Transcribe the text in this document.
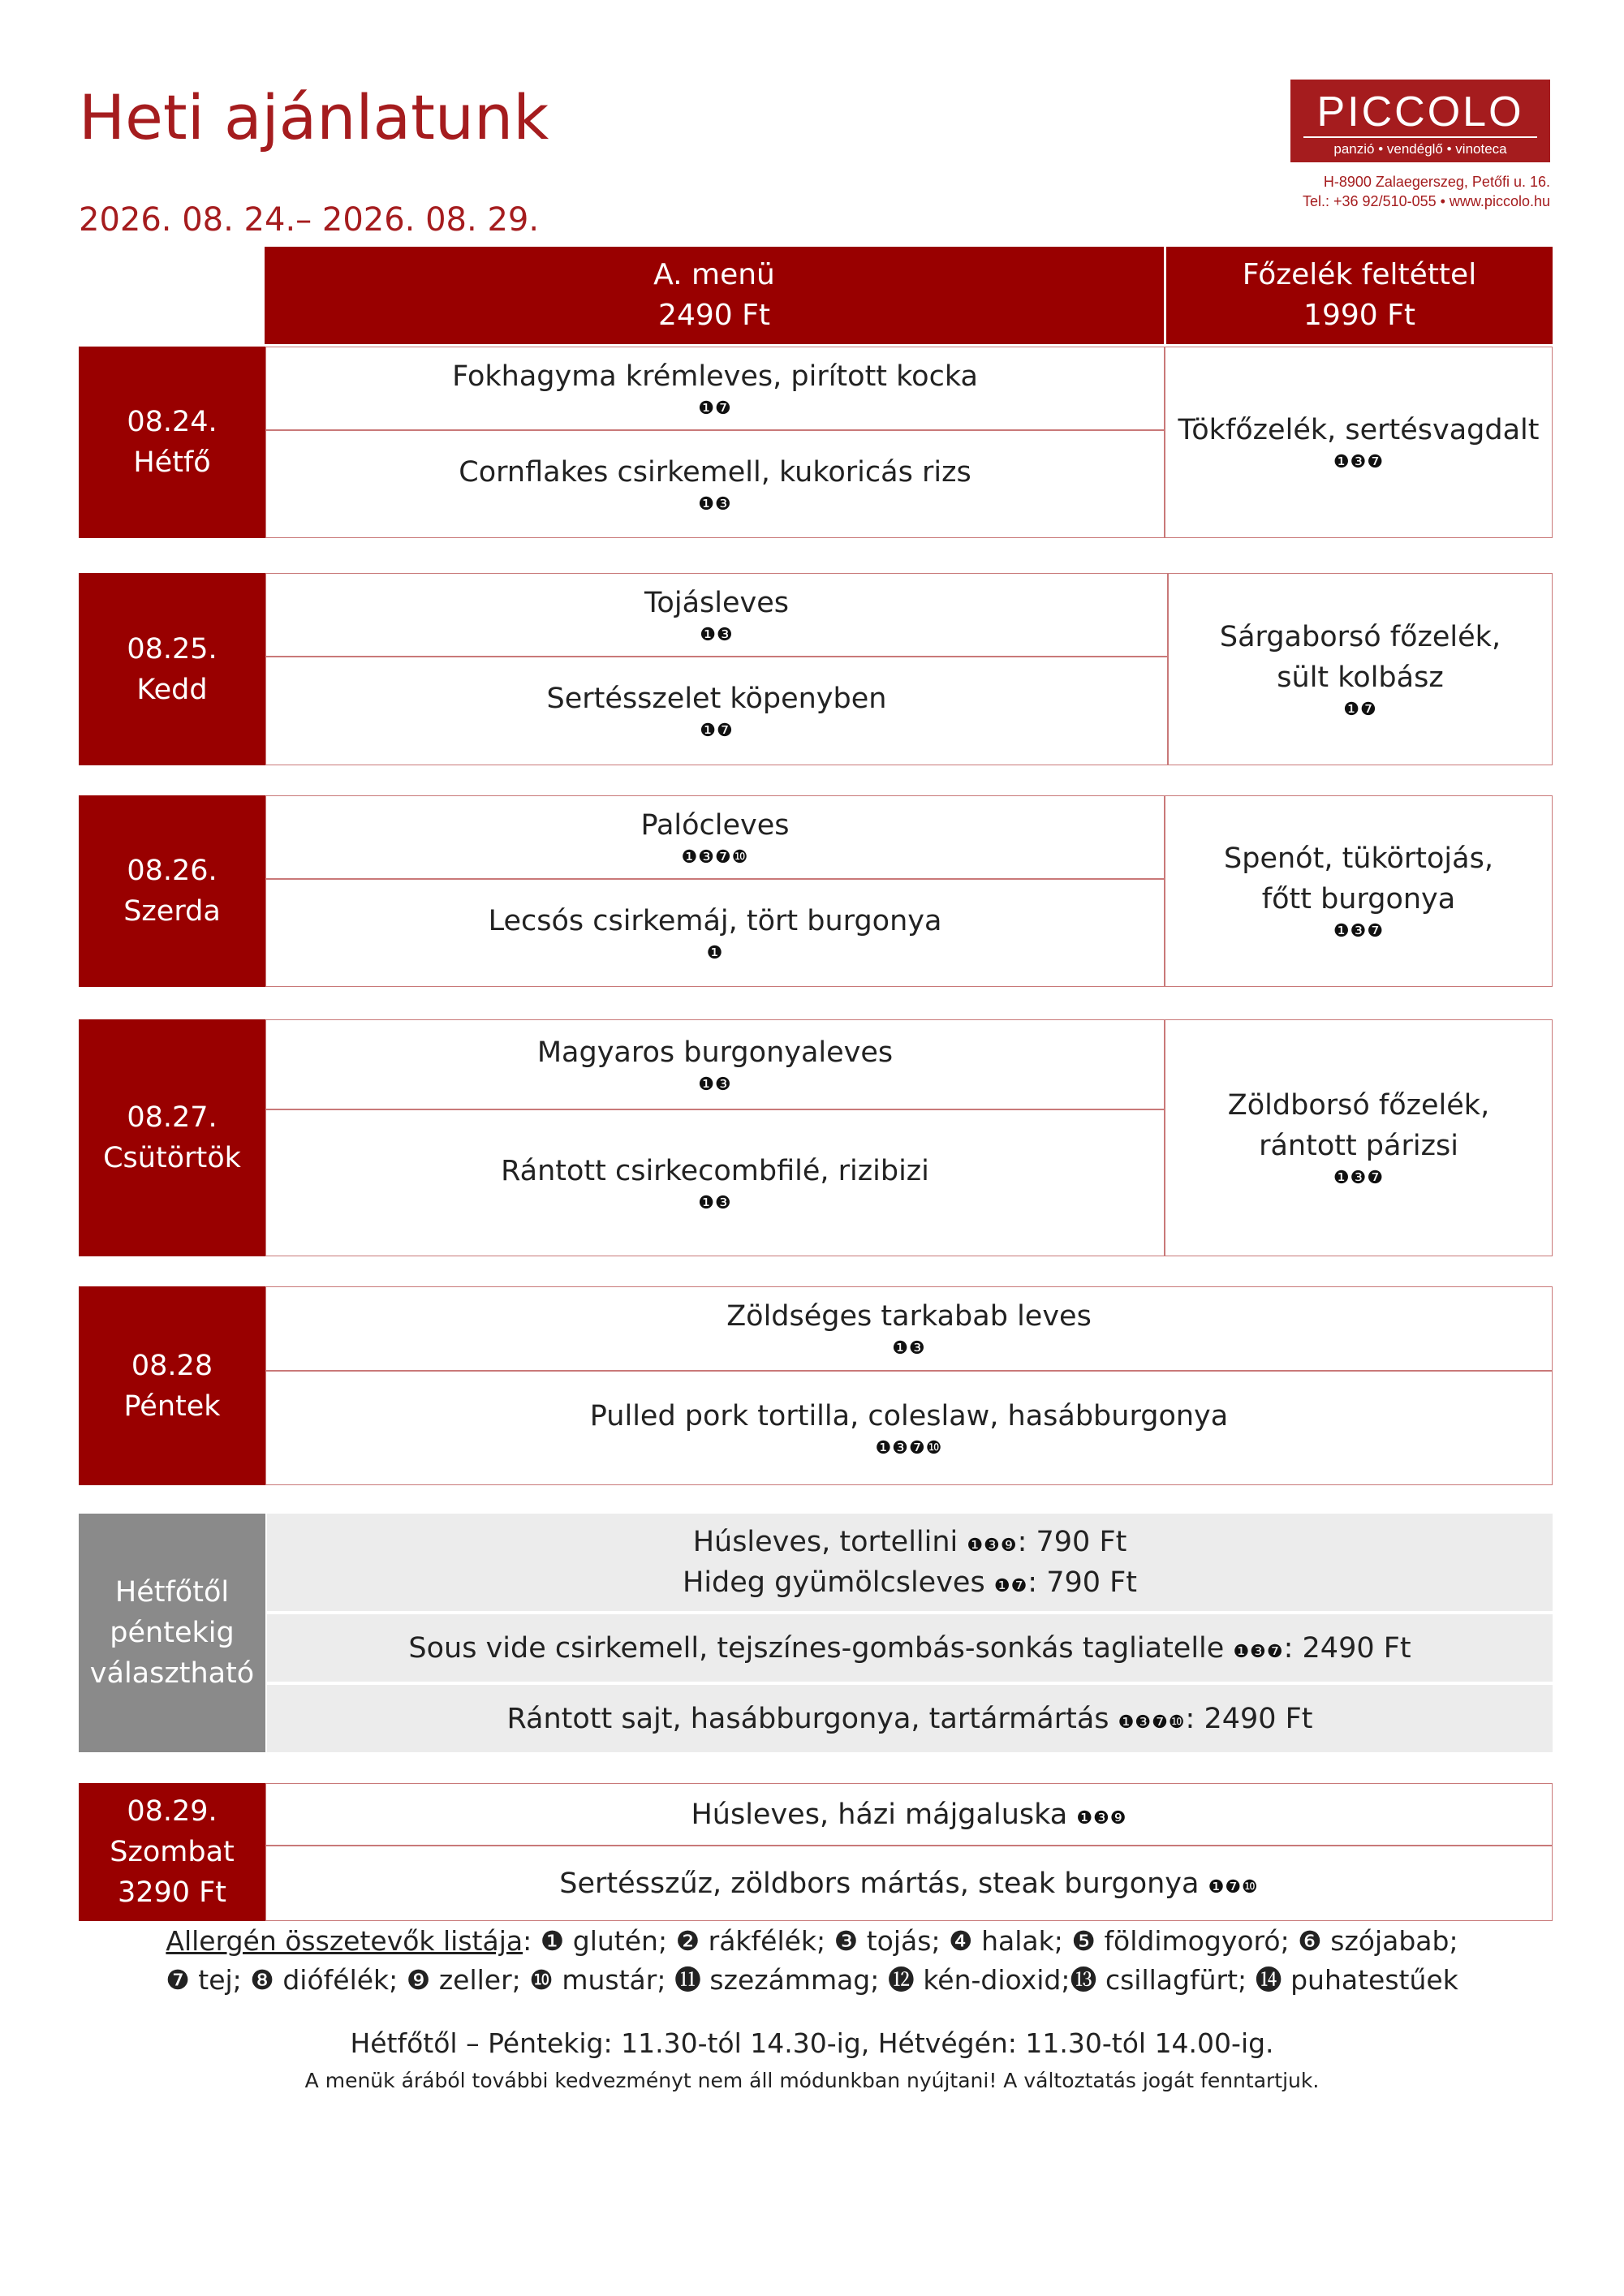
Heti ajánlatunk
2026. 08. 24.– 2026. 08. 29.
PICCOLO
panzió • vendéglő • vinoteca
H-8900 Zalaegerszeg, Petőfi u. 16.
Tel.: +36 92/510-055 • www.piccolo.hu
A. menü
2490 Ft
Főzelék feltéttel
1990 Ft
08.24.
Hétfő
Fokhagyma krémleves, pirított kocka
❶❼
Cornflakes csirkemell, kukoricás rizs
❶❸
Tökfőzelék, sertésvagdalt
❶❸❼
08.25.
Kedd
Tojásleves
❶❸
Sertésszelet köpenyben
❶❼
Sárgaborsó főzelék,
sült kolbász
❶❼
08.26.
Szerda
Palócleves
❶❸❼❿
Lecsós csirkemáj, tört burgonya
❶
Spenót, tükörtojás,
főtt burgonya
❶❸❼
08.27.
Csütörtök
Magyaros burgonyaleves
❶❸
Rántott csirkecombfilé, rizibizi
❶❸
Zöldborsó főzelék,
rántott párizsi
❶❸❼
08.28
Péntek
Zöldséges tarkabab leves
❶❸
Pulled pork tortilla, coleslaw, hasábburgonya
❶❸❼❿
Hétfőtől
péntekig
választható
Húsleves, tortellini ❶❸❾: 790 Ft
Hideg gyümölcsleves ❶❼: 790 Ft
Sous vide csirkemell, tejszínes-gombás-sonkás tagliatelle ❶❸❼: 2490 Ft
Rántott sajt, hasábburgonya, tartármártás ❶❸❼❿: 2490 Ft
08.29.
Szombat
3290 Ft
Húsleves, házi májgaluska ❶❸❾
Sertésszűz, zöldbors mártás, steak burgonya ❶❼❿
Allergén összetevők listája: ❶ glutén; ❷ rákfélék; ❸ tojás; ❹ halak; ❺ földimogyoró; ❻ szójabab;
❼ tej; ❽ diófélék; ❾ zeller; ❿ mustár; ⓫ szezámmag; ⓬ kén-dioxid;⓭ csillagfürt; ⓮ puhatestűek
Hétfőtől – Péntekig: 11.30-tól 14.30-ig, Hétvégén: 11.30-tól 14.00-ig.
A menük árából további kedvezményt nem áll módunkban nyújtani! A változtatás jogát fenntartjuk.
